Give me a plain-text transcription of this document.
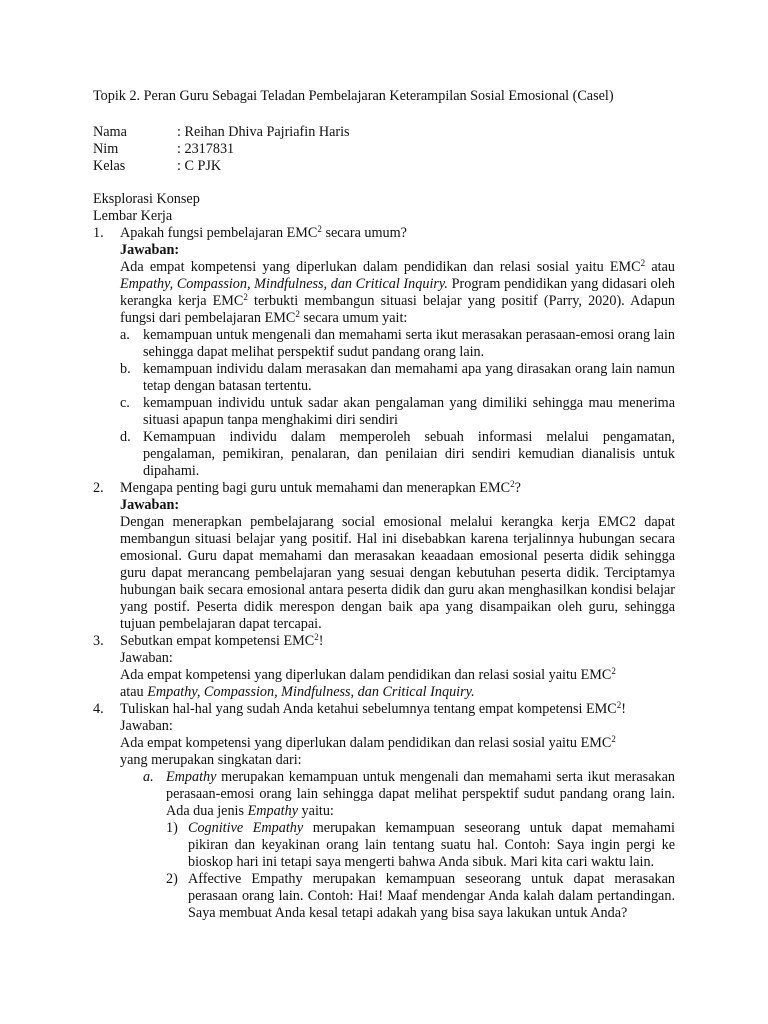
Topik 2. Peran Guru Sebagai Teladan Pembelajaran Keterampilan Sosial Emosional (Casel)
Nama	: Reihan Dhiva Pajriafin Haris
Nim	: 2317831
Kelas	: C PJK
Eksplorasi Konsep
Lembar Kerja
1. Apakah fungsi pembelajaran EMC$^2$ secara umum?
Jawaban:
Ada empat kompetensi yang diperlukan dalam pendidikan dan relasi sosial yaitu EMC$^2$ atau Empathy, Compassion, Mindfulness, dan Critical Inquiry. Program pendidikan yang didasari oleh kerangka kerja EMC$^2$ terbukti membangun situasi belajar yang positif (Parry, 2020). Adapun fungsi dari pembelajaran EMC$^2$ secara umum yait:
a. kemampuan untuk mengenali dan memahami serta ikut merasakan perasaan-emosi orang lain sehingga dapat melihat perspektif sudut pandang orang lain.
b. kemampuan individu dalam merasakan dan memahami apa yang dirasakan orang lain namun tetap dengan batasan tertentu.
c. kemampuan individu untuk sadar akan pengalaman yang dimiliki sehingga mau menerima situasi apapun tanpa menghakimi diri sendiri
d. Kemampuan individu dalam memperoleh sebuah informasi melalui pengamatan, pengalaman, pemikiran, penalaran, dan penilaian diri sendiri kemudian dianalisis untuk dipahami.
2. Mengapa penting bagi guru untuk memahami dan menerapkan EMC$^2$?
Jawaban:
Dengan menerapkan pembelajarang social emosional melalui kerangka kerja EMC2 dapat membangun situasi belajar yang positif. Hal ini disebabkan karena terjalinnya hubungan secara emosional. Guru dapat memahami dan merasakan keaadaan emosional peserta didik sehingga guru dapat merancang pembelajaran yang sesuai dengan kebutuhan peserta didik. Terciptamya hubungan baik secara emosional antara peserta didik dan guru akan menghasilkan kondisi belajar yang postif. Peserta didik merespon dengan baik apa yang disampaikan oleh guru, sehingga tujuan pembelajaran dapat tercapai.
3. Sebutkan empat kompetensi EMC$^2$!
Jawaban:
Ada empat kompetensi yang diperlukan dalam pendidikan dan relasi sosial yaitu EMC$^2$
atau Empathy, Compassion, Mindfulness, dan Critical Inquiry.
4. Tuliskan hal-hal yang sudah Anda ketahui sebelumnya tentang empat kompetensi EMC$^2$!
Jawaban:
Ada empat kompetensi yang diperlukan dalam pendidikan dan relasi sosial yaitu EMC$^2$
yang merupakan singkatan dari:
a. Empathy merupakan kemampuan untuk mengenali dan memahami serta ikut merasakan perasaan-emosi orang lain sehingga dapat melihat perspektif sudut pandang orang lain. Ada dua jenis Empathy yaitu:
1) Cognitive Empathy merupakan kemampuan seseorang untuk dapat memahami pikiran dan keyakinan orang lain tentang suatu hal. Contoh: Saya ingin pergi ke bioskop hari ini tetapi saya mengerti bahwa Anda sibuk. Mari kita cari waktu lain.
2) Affective Empathy merupakan kemampuan seseorang untuk dapat merasakan perasaan orang lain. Contoh: Hai! Maaf mendengar Anda kalah dalam pertandingan. Saya membuat Anda kesal tetapi adakah yang bisa saya lakukan untuk Anda?
